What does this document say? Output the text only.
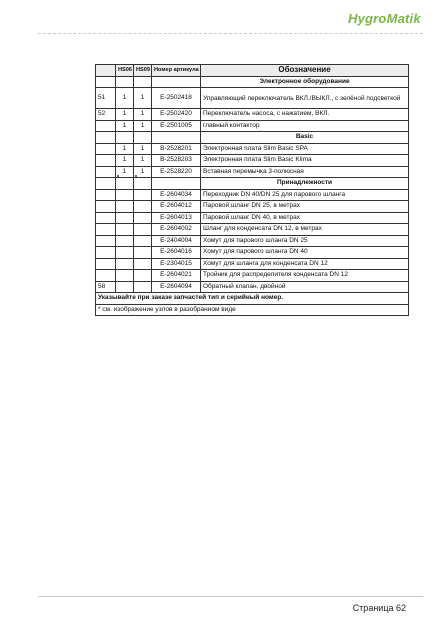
HygroMatik
	HS06	HS09	Номер артикула	Обозначение
				Электронное оборудование
51	1	1	E-2502418	Управляющий переключатель ВКЛ./ВЫКЛ., с зелёной подсветкой
52	1	1	E-2502420	Переключатель насоса, с нажатием, ВКЛ.
	1	1	E-2501005	главный контактор
				Basic
	1	1	B-2528201	Электронная плата Slim Basic SPA
	1	1	B-2528203	Электронная плата Slim Basic Klima
	1	1	E-2528220	Вставная перемычка 3-полюсная
				Принадлежности
			E-2604034	Переходник DN 40/DN 25 для парового шланга
			E-2604012	Паровой шланг DN 25, в метрах
			E-2604013	Паровой шланг DN 40, в метрах
			E-2604002	Шланг для конденсата DN 12, в метрах
			E-2404004	Хомут для парового шланга DN 25
			E-2604016	Хомут для парового шланга DN 40
			E-2304015	Хомут для шланга для конденсата DN 12
			E-2604021	Тройник для распределителя конденсата DN 12
58			E-2604094	Обратный клапан, двойной
Указывайте при заказе запчастей тип и серийный номер.				
* см. изображение узлов в разобранном виде				
Страница 62
